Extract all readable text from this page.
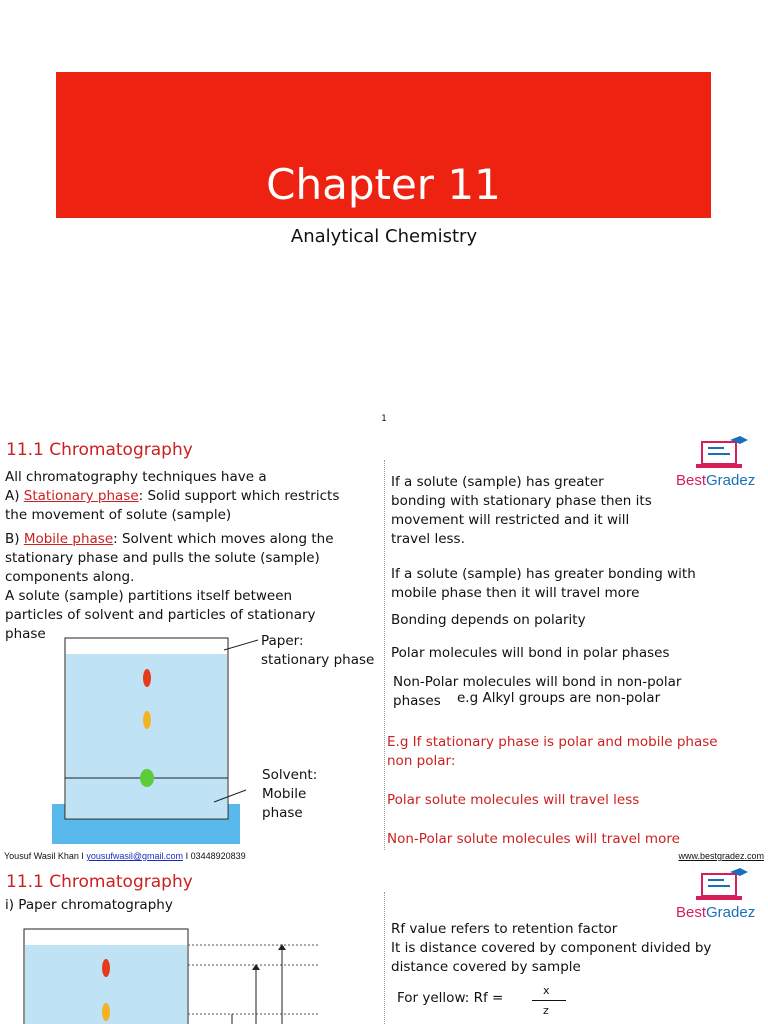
Chapter 11
Analytical Chemistry
1
11.1 Chromatography
All chromatography techniques have a
A) Stationary phase: Solid support which restricts
the movement of solute (sample)
B) Mobile phase: Solvent which moves along the
stationary phase and pulls the solute (sample)
components along.
A solute (sample) partitions itself between
particles of solvent and particles of stationary
phase	Paper:
stationary phase
Solvent:
Mobile
phase
If a solute (sample) has greater
bonding with stationary phase then its
movement will restricted and it will
travel less.
If a solute (sample) has greater bonding with
mobile phase then it will travel more
Bonding depends on polarity
Polar molecules will bond in polar phases
Non-Polar molecules will bond in non-polar
phases e.g Alkyl groups are non-polar
E.g If stationary phase is polar and mobile phase
non polar:
Polar solute molecules will travel less
Non-Polar solute molecules will travel more
BestGradez
Yousuf Wasil Khan I yousufwasil@gmail.com I 03448920839	www.bestgradez.com
11.1 Chromatography
i) Paper chromatography
Rf value refers to retention factor
It is distance covered by component divided by
distance covered by sample
For yellow: Rf =	x
z
BestGradez
